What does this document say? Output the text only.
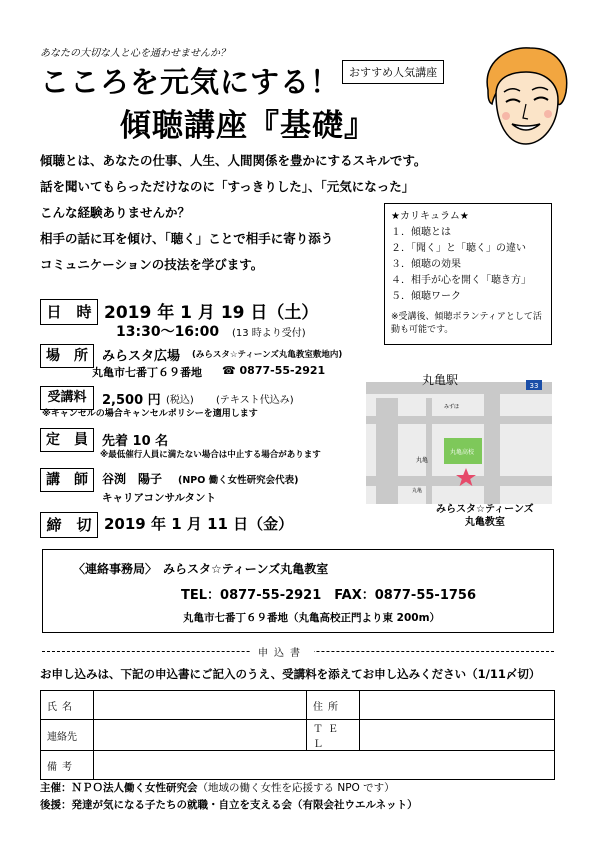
あなたの大切な人と心を通わせませんか？
こころを元気にする！
傾聴講座『基礎』
おすすめ人気講座
傾聴とは、あなたの仕事、人生、人間関係を豊かにするスキルです。
話を聞いてもらっただけなのに「すっきりした」、「元気になった」
こんな経験ありませんか？
相手の話に耳を傾け、「聴く」ことで相手に寄り添う
コミュニケーションの技法を学びます。
★カリキュラム★
１．傾聴とは
２．「聞く」と「聴く」の違い
３．傾聴の効果
４．相手が心を開く「聴き方」
５．傾聴ワーク
※受講後、傾聴ボランティアとして活動も可能です。
日　時 2019 年 1 月 19 日（土）
13:30～16:00 (13 時より受付)
場　所	みらスタ広場 (みらスタ☆ティーンズ丸亀教室敷地内)
丸亀市七番丁６９番地 ☎ 0877-55-2921
受講料	2,500 円 (税込) (テキスト代込み)
※キャンセルの場合キャンセルポリシーを適用します
定　員	先着 10 名
※最低催行人員に満たない場合は中止する場合があります
講　師	谷渕　陽子 (NPO 働く女性研究会代表)
キャリアコンサルタント
締　切 2019 年 1 月 11 日（金）
33
丸亀駅
丸亀高校
丸亀
みずほ
丸亀
みらスタ☆ティーンズ
丸亀教室
〈連絡事務局〉　みらスタ☆ティーンズ丸亀教室
TEL：0877-55-2921　FAX：0877-55-1756
丸亀市七番丁６９番地（丸亀高校正門より東 200m）
申込書
お申し込みは、下記の申込書にご記入のうえ、受講料を添えてお申し込みください（1/11〆切）
氏名		住所	
連絡先		ＴＥＬ	
備考			
主催：ＮＰＯ法人働く女性研究会（地域の働く女性を応援する NPO です）
後援：発達が気になる子たちの就職・自立を支える会（有限会社ウエルネット）
